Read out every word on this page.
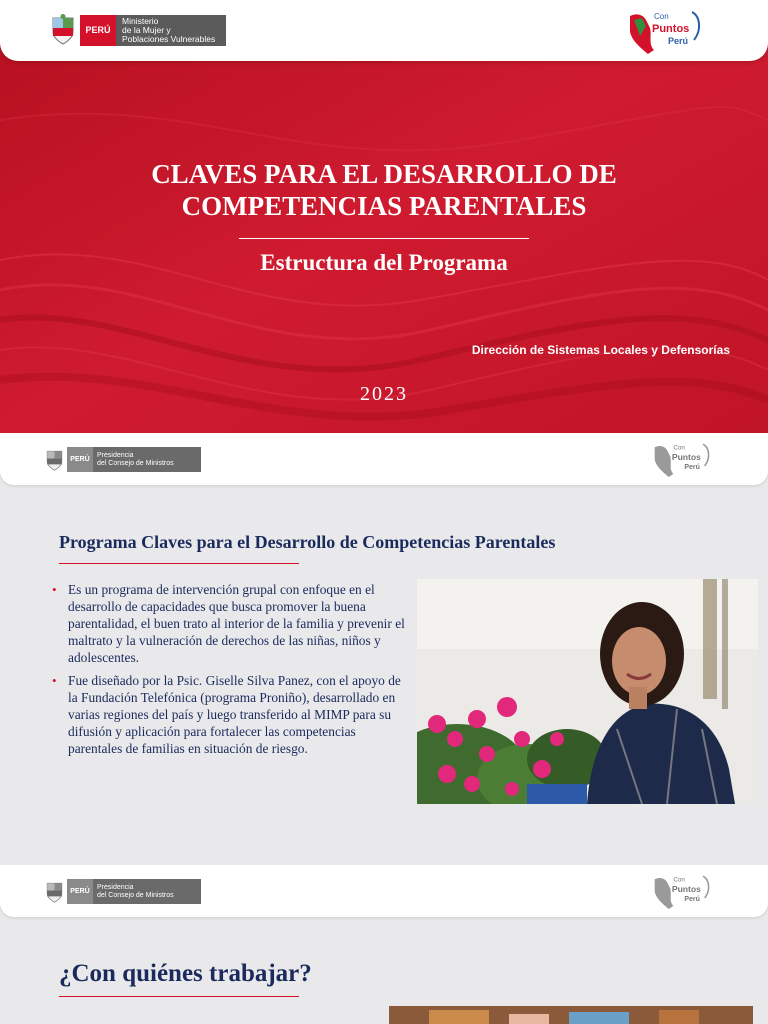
PERÚ
Ministerio
de la Mujer y
Poblaciones Vulnerables
Con
Puntos
Perú
CLAVES PARA EL DESARROLLO DE
COMPETENCIAS PARENTALES
Estructura del Programa
Dirección de Sistemas Locales y Defensorías
2023
PERÚ
Presidencia
del Consejo de Ministros
Con
Puntos
Perú
Programa Claves para el Desarrollo de Competencias Parentales
• Es un programa de intervención grupal con enfoque en el desarrollo de capacidades que busca promover la buena parentalidad, el buen trato al interior de la familia y prevenir el maltrato y la vulneración de derechos de las niñas, niños y adolescentes.
• Fue diseñado por la Psic. Giselle Silva Panez, con el apoyo de la Fundación Telefónica (programa Proniño), desarrollado en varias regiones del país y luego transferido al MIMP para su difusión y aplicación para fortalecer las competencias parentales de familias en situación de riesgo.
PERÚ
Presidencia
del Consejo de Ministros
Con
Puntos
Perú
¿Con quiénes trabajar?
